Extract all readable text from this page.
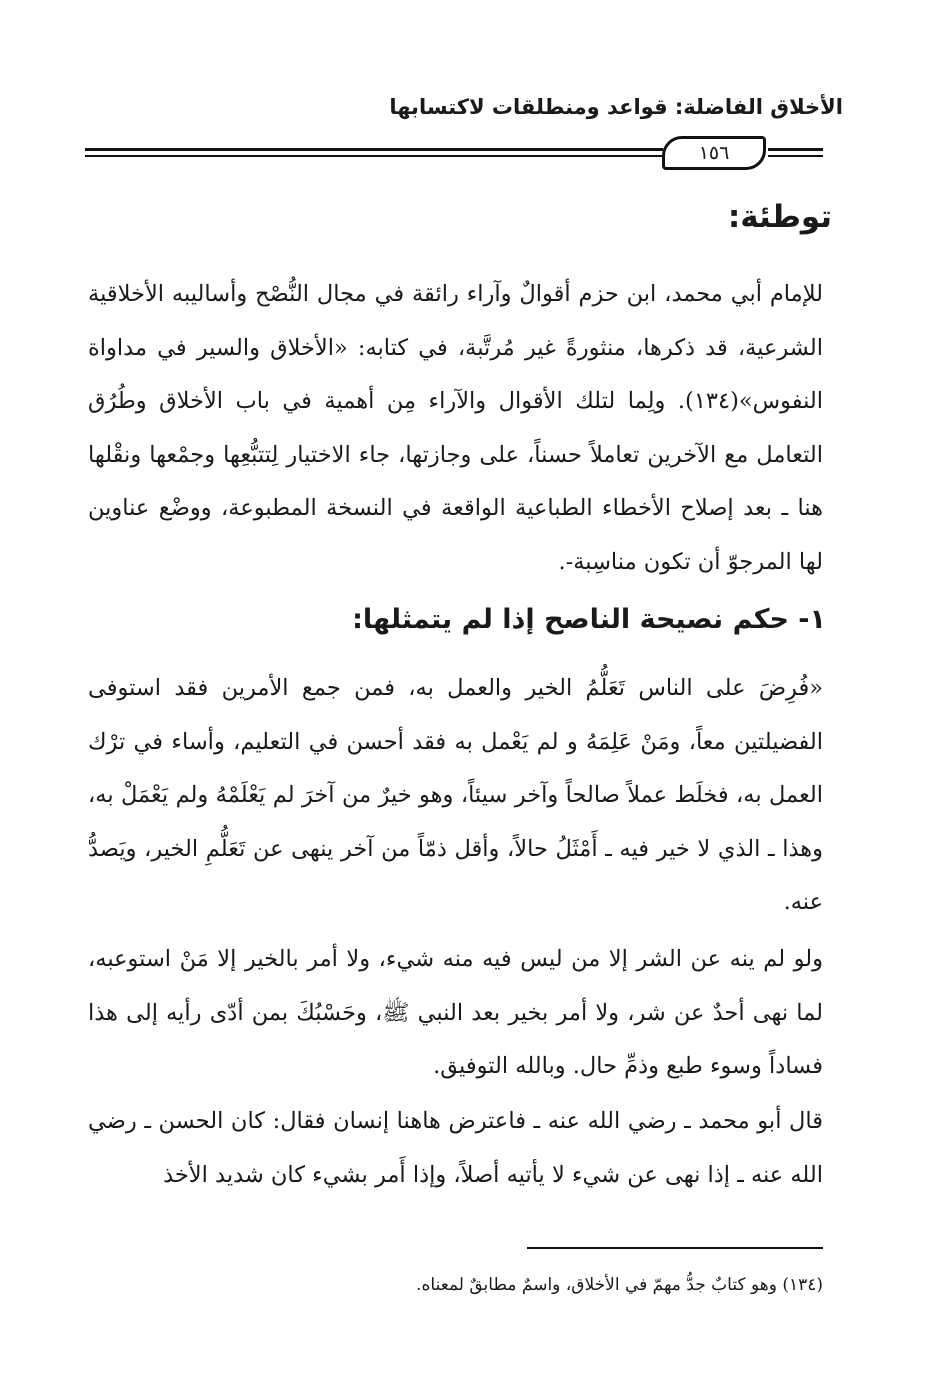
الأخلاق الفاضلة: قواعد ومنطلقات لاكتسابها
١٥٦
توطئة:

للإمام أبي محمد، ابن حزم أقوالٌ وآراء رائقة في مجال النُّصْح وأساليبه الأخلاقية الشرعية، قد ذكرها، منثورةً غير مُرتَّبة، في كتابه: «الأخلاق والسير في مداواة النفوس»(١٣٤). ولِما لتلك الأقوال والآراء مِن أهمية في باب الأخلاق وطُرُق التعامل مع الآخرين تعاملاً حسناً، على وجازتها، جاء الاختيار لِتتبُّعِها وجمْعها ونقْلها هنا ـ بعد إصلاح الأخطاء الطباعية الواقعة في النسخة المطبوعة، ووضْع عناوين لها المرجوّ أن تكون مناسِبة-.

١- حكم نصيحة الناصح إذا لم يتمثلها:

«فُرِضَ على الناس تَعَلُّمُ الخير والعمل به، فمن جمع الأمرين فقد استوفى الفضيلتين معاً، ومَنْ عَلِمَهُ و لم يَعْمل به فقد أحسن في التعليم، وأساء في ترْك العمل به، فخلَط عملاً صالحاً وآخر سيئاً، وهو خيرٌ من آخرَ لم يَعْلَمْهُ ولم يَعْمَلْ به، وهذا ـ الذي لا خير فيه ـ أَمْثَلُ حالاً، وأقل ذمّاً من آخر ينهى عن تَعَلُّمِ الخير، ويَصدُّ عنه.

ولو لم ينه عن الشر إلا من ليس فيه منه شيء، ولا أمر بالخير إلا مَنْ استوعبه، لما نهى أحدٌ عن شر، ولا أمر بخير بعد النبي ﷺ، وحَسْبُكَ بمن أدّى رأيه إلى هذا فساداً وسوء طبع وذمِّ حال. وبالله التوفيق.

قال أبو محمد ـ رضي الله عنه ـ فاعترض هاهنا إنسان فقال: كان الحسن ـ رضي الله عنه ـ إذا نهى عن شيء لا يأتيه أصلاً، وإذا أَمر بشيء كان شديد الأخذ

(١٣٤) وهو كتابٌ جدُّ مهمّ في الأخلاق، واسمٌ مطابقٌ لمعناه.
